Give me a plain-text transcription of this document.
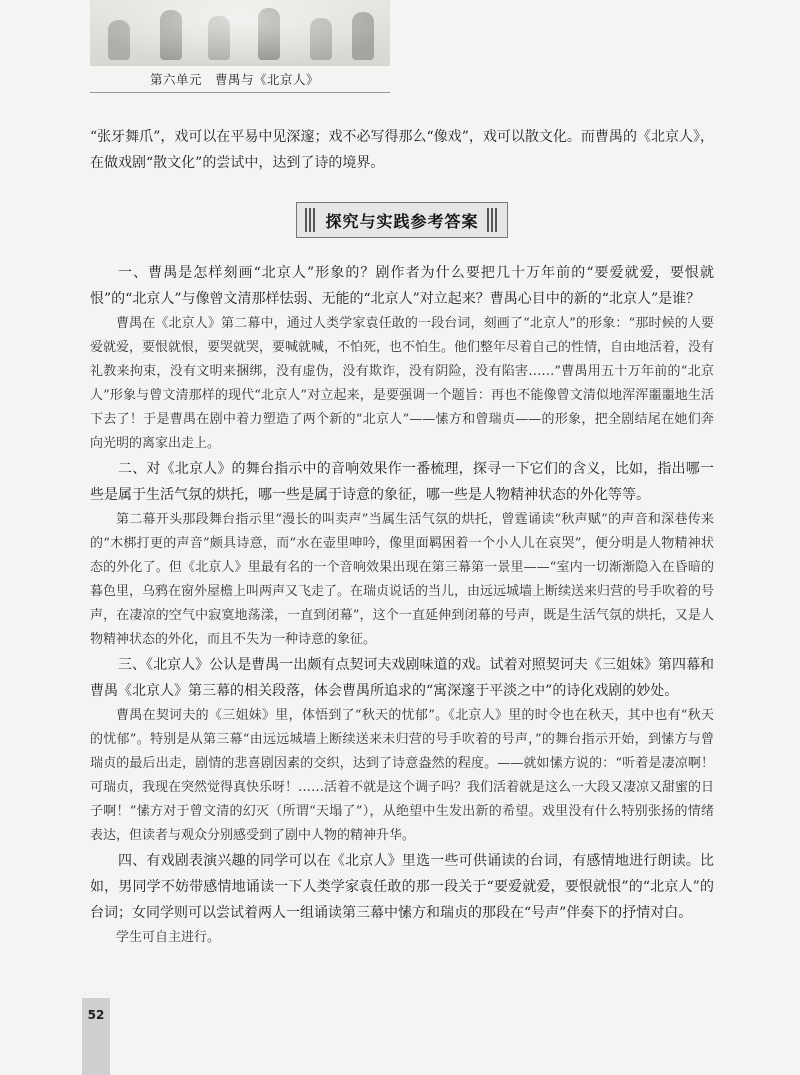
第六单元　曹禺与《北京人》

“张牙舞爪”，戏可以在平易中见深邃；戏不必写得那么“像戏”，戏可以散文化。而曹禺的《北京人》，在做戏剧“散文化”的尝试中，达到了诗的境界。

探究与实践参考答案

一、曹禺是怎样刻画“北京人”形象的？剧作者为什么要把几十万年前的“要爱就爱，要恨就恨”的“北京人”与像曾文清那样怯弱、无能的“北京人”对立起来？曹禺心目中的新的“北京人”是谁？

曹禺在《北京人》第二幕中，通过人类学家袁任敢的一段台词，刻画了“北京人”的形象：“那时候的人要爱就爱，要恨就恨，要哭就哭，要喊就喊，不怕死，也不怕生。他们整年尽着自己的性情，自由地活着，没有礼教来拘束，没有文明来捆绑，没有虚伪，没有欺诈，没有阴险，没有陷害……”曹禺用五十万年前的“北京人”形象与曾文清那样的现代“北京人”对立起来，是要强调一个题旨：再也不能像曾文清似地浑浑噩噩地生活下去了！于是曹禺在剧中着力塑造了两个新的“北京人”——愫方和曾瑞贞——的形象，把全剧结尾在她们奔向光明的离家出走上。

二、对《北京人》的舞台指示中的音响效果作一番梳理，探寻一下它们的含义，比如，指出哪一些是属于生活气氛的烘托，哪一些是属于诗意的象征，哪一些是人物精神状态的外化等等。

第二幕开头那段舞台指示里“漫长的叫卖声”当属生活气氛的烘托，曾霆诵读“秋声赋”的声音和深巷传来的“木梆打更的声音”颇具诗意，而“水在壶里呻吟，像里面羁困着一个小人儿在哀哭”，便分明是人物精神状态的外化了。但《北京人》里最有名的一个音响效果出现在第三幕第一景里——“室内一切渐渐隐入在昏暗的暮色里，乌鸦在窗外屋檐上叫两声又飞走了。在瑞贞说话的当儿，由远远城墙上断续送来归营的号手吹着的号声，在凄凉的空气中寂寞地荡漾，一直到闭幕”，这个一直延伸到闭幕的号声，既是生活气氛的烘托，又是人物精神状态的外化，而且不失为一种诗意的象征。

三、《北京人》公认是曹禺一出颇有点契诃夫戏剧味道的戏。试着对照契诃夫《三姐妹》第四幕和曹禺《北京人》第三幕的相关段落，体会曹禺所追求的“寓深邃于平淡之中”的诗化戏剧的妙处。

曹禺在契诃夫的《三姐妹》里，体悟到了“秋天的忧郁”。《北京人》里的时令也在秋天，其中也有“秋天的忧郁”。特别是从第三幕“由远远城墙上断续送来未归营的号手吹着的号声，”的舞台指示开始，到愫方与曾瑞贞的最后出走，剧情的悲喜剧因素的交织，达到了诗意盎然的程度。——就如愫方说的：“听着是凄凉啊！可瑞贞，我现在突然觉得真快乐呀！……活着不就是这个调子吗？我们活着就是这么一大段又凄凉又甜蜜的日子啊！”愫方对于曾文清的幻灭（所谓“天塌了”），从绝望中生发出新的希望。戏里没有什么特别张扬的情绪表达，但读者与观众分别感受到了剧中人物的精神升华。

四、有戏剧表演兴趣的同学可以在《北京人》里选一些可供诵读的台词，有感情地进行朗读。比如，男同学不妨带感情地诵读一下人类学家袁任敢的那一段关于“要爱就爱，要恨就恨”的“北京人”的台词；女同学则可以尝试着两人一组诵读第三幕中愫方和瑞贞的那段在“号声”伴奏下的抒情对白。

学生可自主进行。

52
